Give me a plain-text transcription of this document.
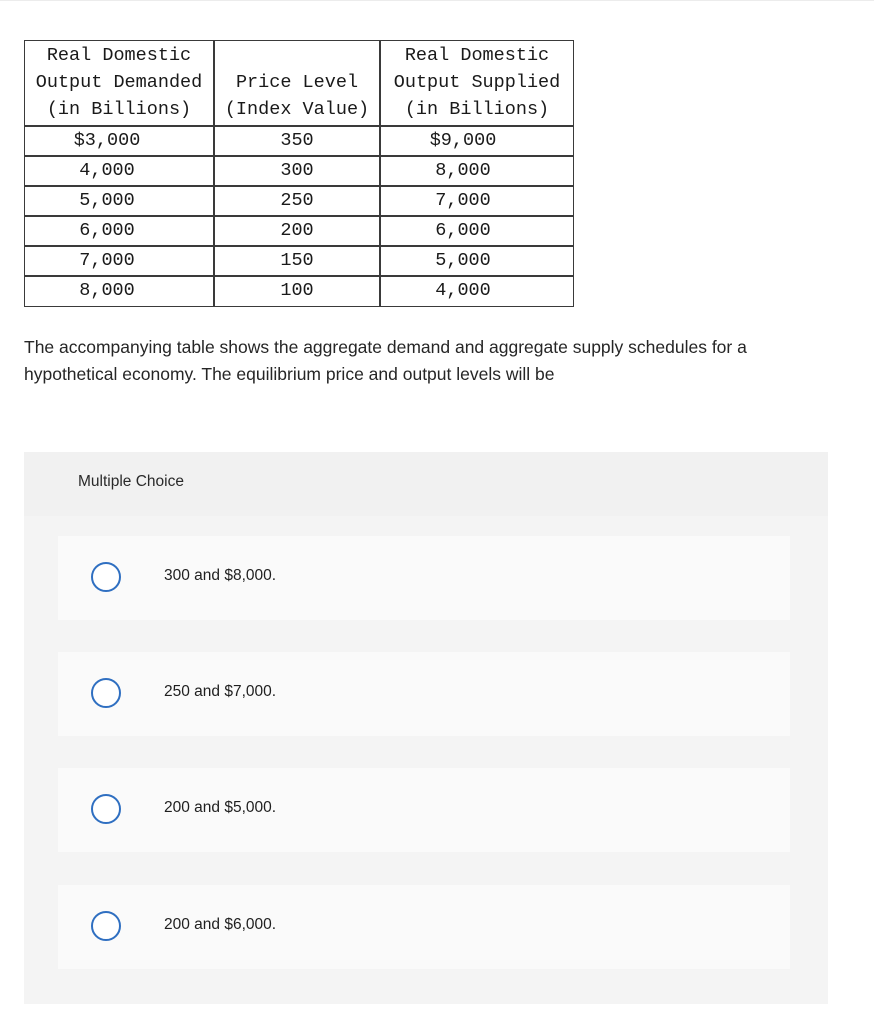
Real Domestic
Output Demanded
(in Billions)
$3,000
4,000
5,000
6,000
7,000
8,000
Price Level
(Index Value)
350
300
250
200
150
100
Real Domestic
Output Supplied
(in Billions)
$9,000
8,000
7,000
6,000
5,000
4,000
The accompanying table shows the aggregate demand and aggregate supply schedules for a hypothetical economy. The equilibrium price and output levels will be
Multiple Choice
300 and $8,000.
250 and $7,000.
200 and $5,000.
200 and $6,000.
